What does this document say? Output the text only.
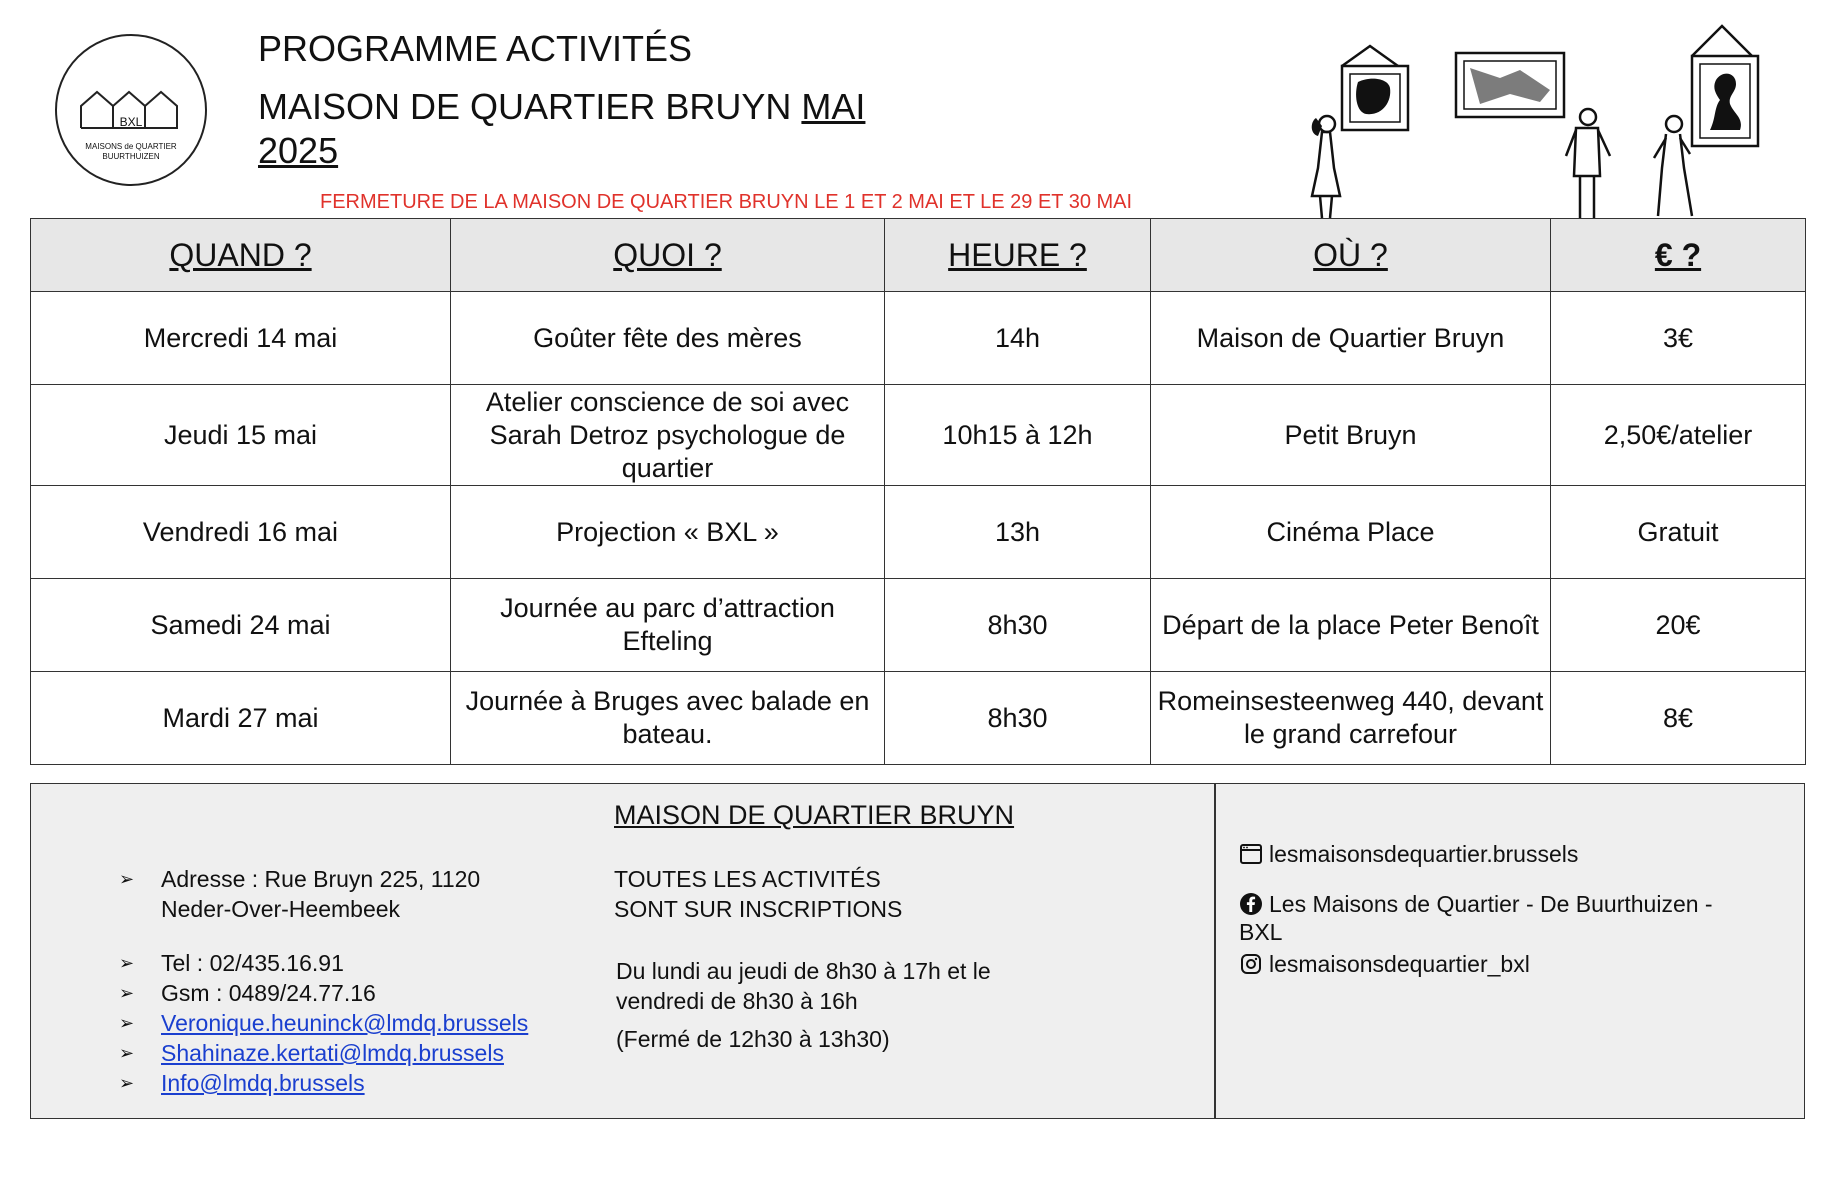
BXL
MAISONS de QUARTIER
BUURTHUIZEN
PROGRAMME ACTIVITÉS
MAISON DE QUARTIER BRUYN MAI
2025
FERMETURE DE LA MAISON DE QUARTIER BRUYN LE 1 ET 2 MAI ET LE 29 ET 30 MAI
QUAND ?	QUOI ?	HEURE ?	OÙ ?	€ ?
Mercredi 14 mai	Goûter fête des mères	14h	Maison de Quartier Bruyn	3€
Jeudi 15 mai	Atelier conscience de soi avec Sarah Detroz psychologue de quartier	10h15 à 12h	Petit Bruyn	2,50€/atelier
Vendredi 16 mai	Projection « BXL »	13h	Cinéma Place	Gratuit
Samedi 24 mai	Journée au parc d’attraction Efteling	8h30	Départ de la place Peter Benoît	20€
Mardi 27 mai	Journée à Bruges avec balade en bateau.	8h30	Romeinsesteenweg 440, devant le grand carrefour	8€
➢ Adresse : Rue Bruyn 225, 1120
Neder-Over-Heembeek
➢ Tel : 02/435.16.91
➢ Gsm : 0489/24.77.16
➢ Veronique.heuninck@lmdq.brussels
➢ Shahinaze.kertati@lmdq.brussels
➢ Info@lmdq.brussels
MAISON DE QUARTIER BRUYN
TOUTES LES ACTIVITÉS
SONT SUR INSCRIPTIONS
Du lundi au jeudi de 8h30 à 17h et le
vendredi de 8h30 à 16h
(Fermé de 12h30 à 13h30)
lesmaisonsdequartier.brussels
Les Maisons de Quartier - De Buurthuizen -
BXL
lesmaisonsdequartier_bxl
